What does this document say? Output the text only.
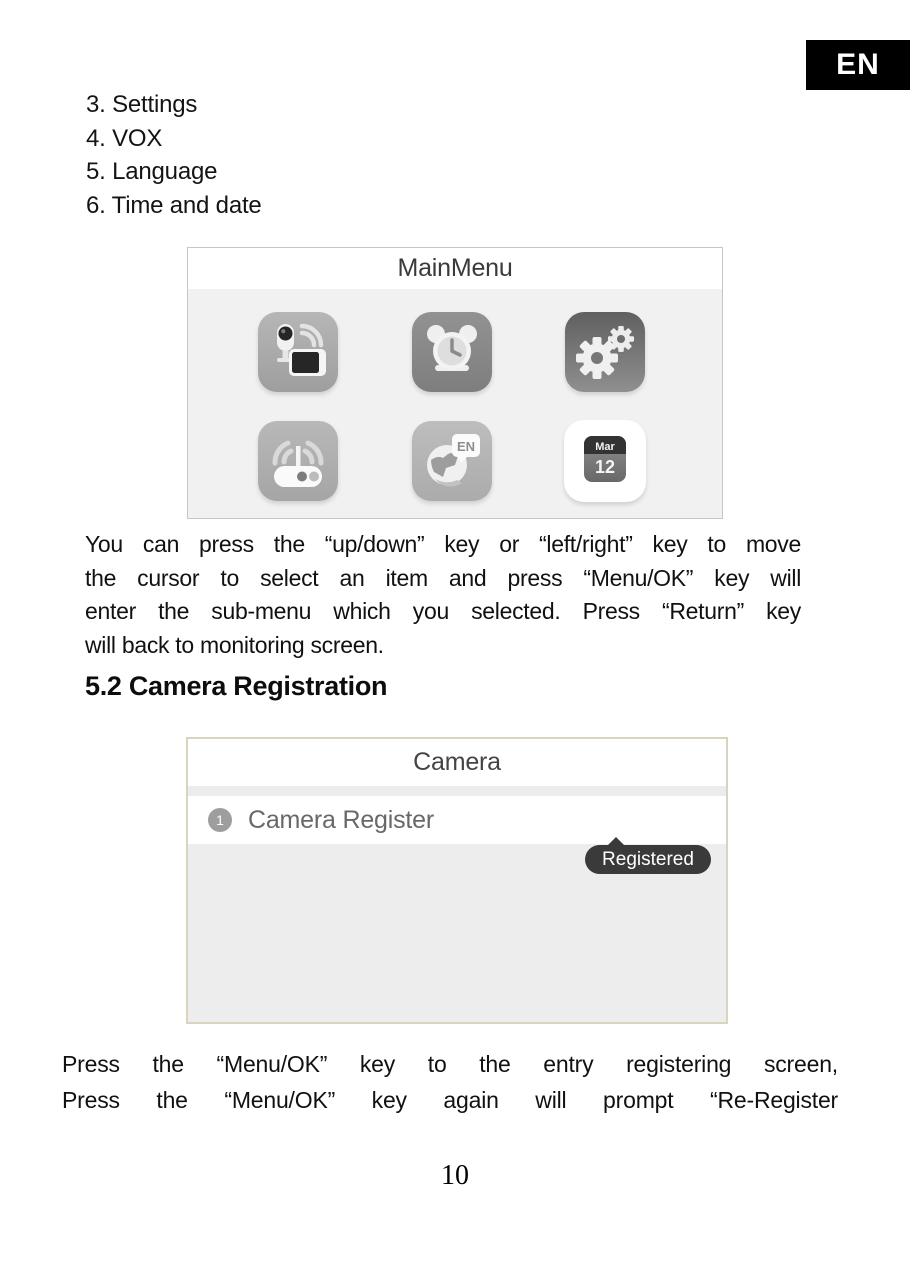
EN
3. Settings
4. VOX
5. Language
6. Time and date
MainMenu
EN	Mar
12
You can press the “up/down” key or “left/right” key to move
the cursor to select an item and press “Menu/OK” key will
enter the sub-menu which you selected. Press “Return” key
will back to monitoring screen.
5.2 Camera Registration
Camera
1 Camera Register
Registered
Press the “Menu/OK” key to the entry registering screen,
Press the “Menu/OK” key again will prompt “Re-Register
10
